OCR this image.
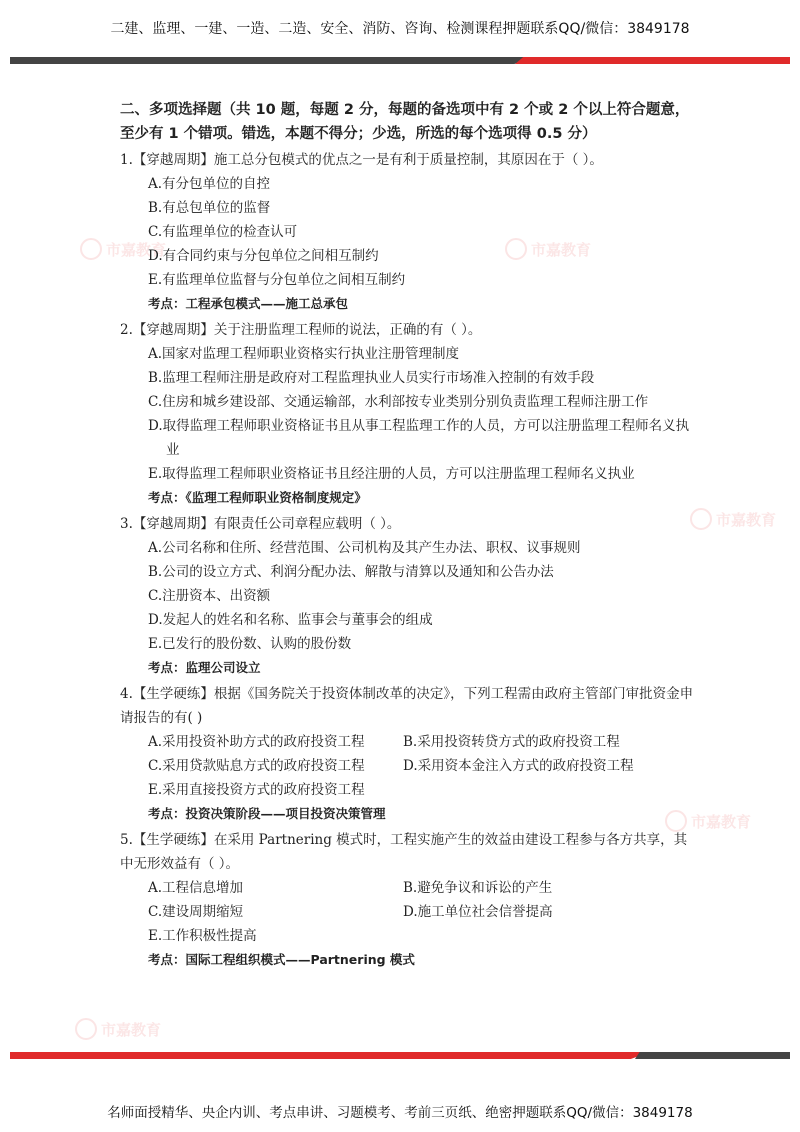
二建、监理、一建、一造、二造、安全、消防、咨询、检测课程押题联系QQ/微信：3849178
市嘉教育	市嘉教育
市嘉教育
市嘉教育
市嘉教育

二、多项选择题（共 10 题，每题 2 分，每题的备选项中有 2 个或 2 个以上符合题意，

至少有 1 个错项。错选，本题不得分；少选，所选的每个选项得 0.5 分）

1.【穿越周期】施工总分包模式的优点之一是有利于质量控制，其原因在于（ ）。

A.有分包单位的自控

B.有总包单位的监督

C.有监理单位的检查认可

D.有合同约束与分包单位之间相互制约

E.有监理单位监督与分包单位之间相互制约

考点：工程承包模式——施工总承包

2.【穿越周期】关于注册监理工程师的说法，正确的有（ ）。

A.国家对监理工程师职业资格实行执业注册管理制度

B.监理工程师注册是政府对工程监理执业人员实行市场准入控制的有效手段

C.住房和城乡建设部、交通运输部，水利部按专业类别分别负责监理工程师注册工作

D.取得监理工程师职业资格证书且从事工程监理工作的人员，方可以注册监理工程师名义执业

E.取得监理工程师职业资格证书且经注册的人员，方可以注册监理工程师名义执业

考点：《监理工程师职业资格制度规定》

3.【穿越周期】有限责任公司章程应载明（ ）。

A.公司名称和住所、经营范围、公司机构及其产生办法、职权、议事规则

B.公司的设立方式、利润分配办法、解散与清算以及通知和公告办法

C.注册资本、出资额

D.发起人的姓名和名称、监事会与董事会的组成

E.已发行的股份数、认购的股份数

考点：监理公司设立

4.【生学硬练】根据《国务院关于投资体制改革的决定》，下列工程需由政府主管部门审批资金申请报告的有( )

A.采用投资补助方式的政府投资工程	B.采用投资转贷方式的政府投资工程
C.采用贷款贴息方式的政府投资工程	D.采用资本金注入方式的政府投资工程

E.采用直接投资方式的政府投资工程

考点：投资决策阶段——项目投资决策管理

5.【生学硬练】在采用 Partnering 模式时，工程实施产生的效益由建设工程参与各方共享，其中无形效益有（ ）。

A.工程信息增加	B.避免争议和诉讼的产生
C.建设周期缩短	D.施工单位社会信誉提高

E.工作积极性提高

考点：国际工程组织模式——Partnering 模式

名师面授精华、央企内训、考点串讲、习题模考、考前三页纸、绝密押题联系QQ/微信：3849178
